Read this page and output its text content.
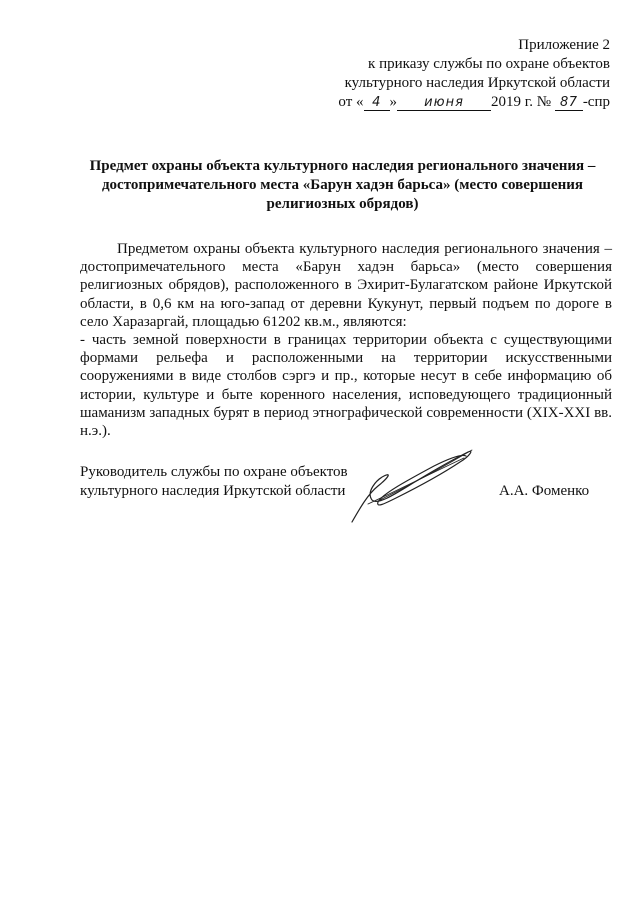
Приложение 2
к приказу службы по охране объектов
культурного наследия Иркутской области
от « 4 » июня 2019 г. № 87 -спр
Предмет охраны объекта культурного наследия регионального значения –
достопримечательного места «Барун хадэн барьса» (место совершения
религиозных обрядов)

Предметом охраны объекта культурного наследия регионального значения – достопримечательного места «Барун хадэн барьса» (место совершения религиозных обрядов), расположенного в Эхирит-Булагатском районе Иркутской области, в 0,6 км на юго-запад от деревни Кукунут, первый подъем по дороге в село Харазаргай, площадью 61202 кв.м., являются:

- часть земной поверхности в границах территории объекта с существующими формами рельефа и расположенными на территории искусственными сооружениями в виде столбов сэргэ и пр., которые несут в себе информацию об истории, культуре и быте коренного населения, исповедующего традиционный шаманизм западных бурят в период этнографической современности (XIX-XXI вв. н.э.).

Руководитель службы по охране объектов
культурного наследия Иркутской области	А.А. Фоменко
